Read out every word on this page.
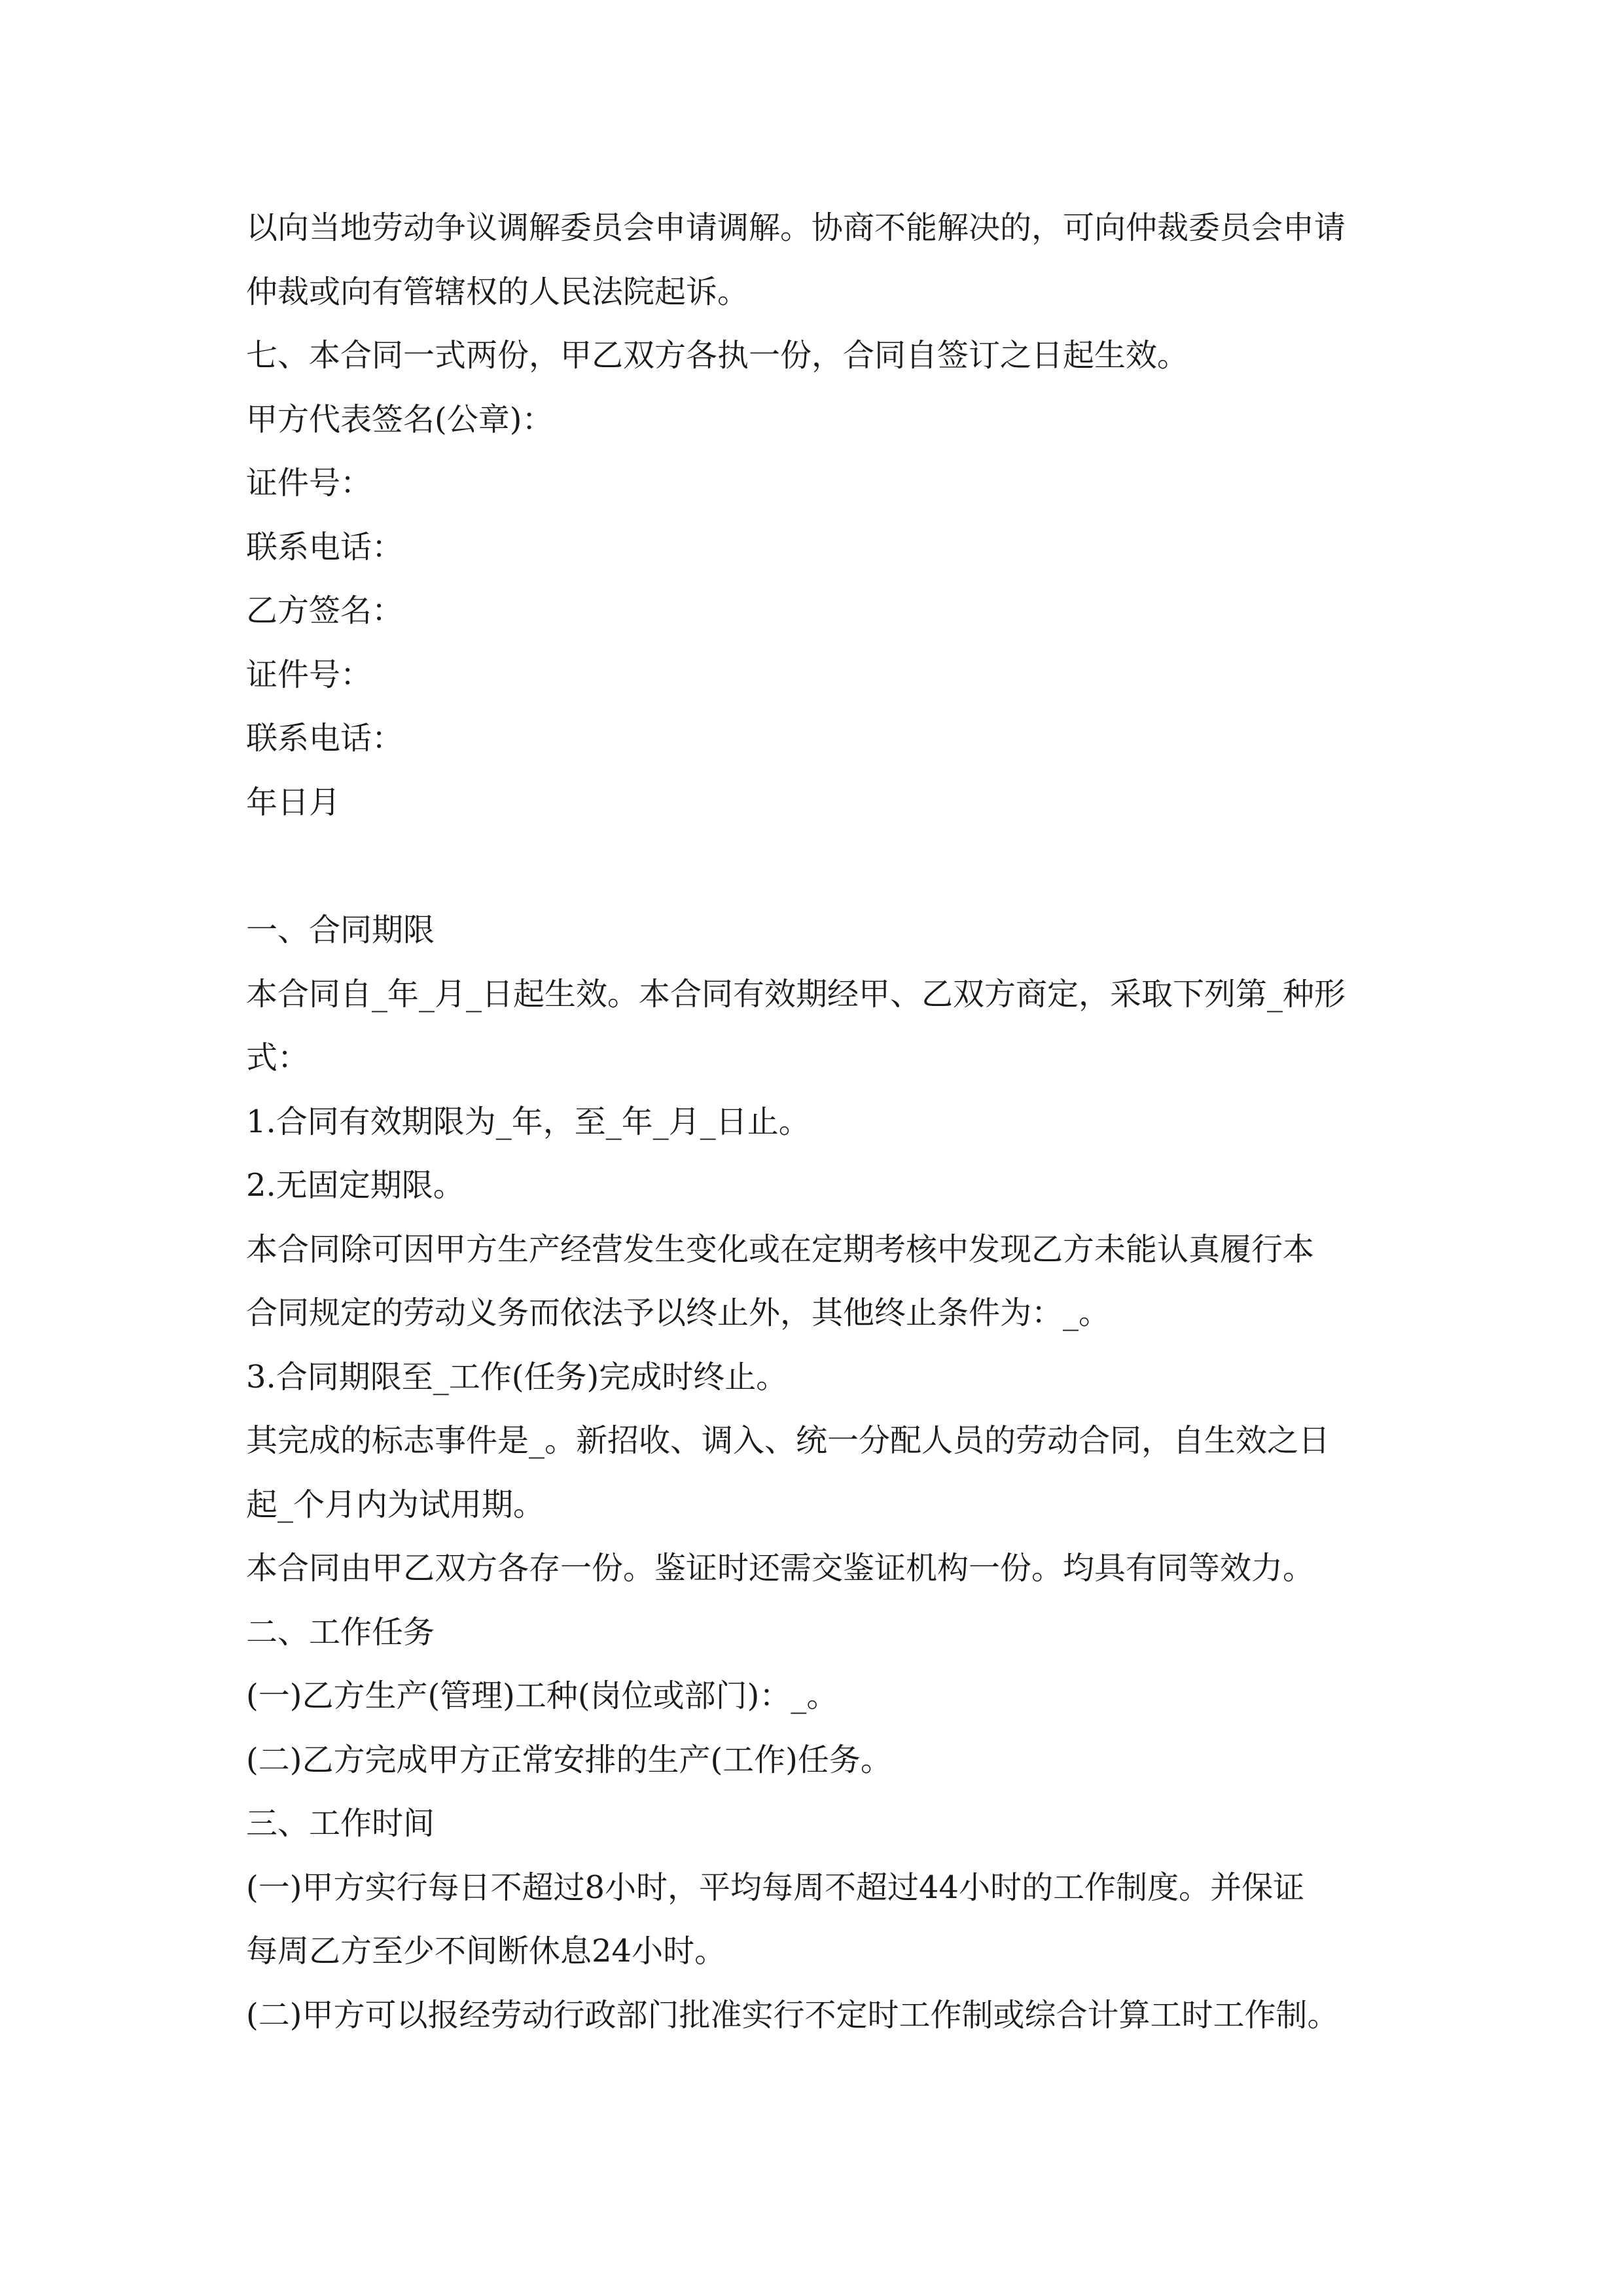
以向当地劳动争议调解委员会申请调解。协商不能解决的，可向仲裁委员会申请
仲裁或向有管辖权的人民法院起诉。
七、本合同一式两份，甲乙双方各执一份，合同自签订之日起生效。
甲方代表签名(公章)：
证件号：
联系电话：
乙方签名：
证件号：
联系电话：
年日月
一、合同期限
本合同自_年_月_日起生效。本合同有效期经甲、乙双方商定，采取下列第_种形
式：
1.合同有效期限为_年，至_年_月_日止。
2.无固定期限。
本合同除可因甲方生产经营发生变化或在定期考核中发现乙方未能认真履行本
合同规定的劳动义务而依法予以终止外，其他终止条件为：_。
3.合同期限至_工作(任务)完成时终止。
其完成的标志事件是_。新招收、调入、统一分配人员的劳动合同，自生效之日
起_个月内为试用期。
本合同由甲乙双方各存一份。鉴证时还需交鉴证机构一份。均具有同等效力。
二、工作任务
(一)乙方生产(管理)工种(岗位或部门)：_。
(二)乙方完成甲方正常安排的生产(工作)任务。
三、工作时间
(一)甲方实行每日不超过8小时，平均每周不超过44小时的工作制度。并保证
每周乙方至少不间断休息24小时。
(二)甲方可以报经劳动行政部门批准实行不定时工作制或综合计算工时工作制。
